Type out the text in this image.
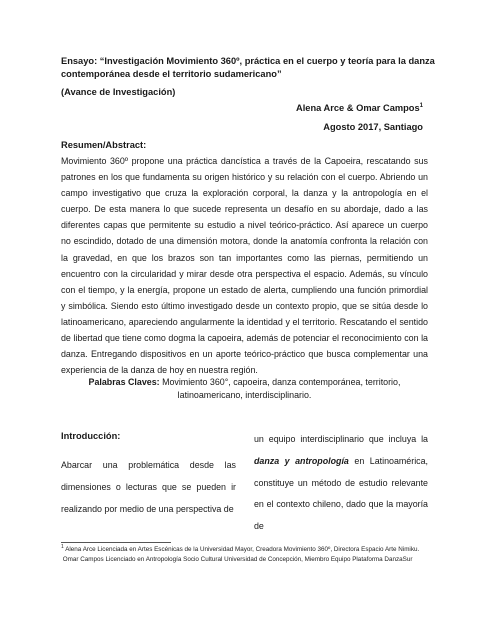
Ensayo: “Investigación Movimiento 360º, práctica en el cuerpo y teoría para la danza contemporánea desde el territorio sudamericano”
(Avance de Investigación)
Alena Arce & Omar Campos$^1$
Agosto 2017, Santiago
Resumen/Abstract:
Movimiento 360º propone una práctica dancística a través de la Capoeira, rescatando sus patrones en los que fundamenta su origen histórico y su relación con el cuerpo. Abriendo un campo investigativo que cruza la exploración corporal, la danza y la antropología en el cuerpo. De esta manera lo que sucede representa un desafío en su abordaje, dado a las diferentes capas que permitente su estudio a nivel teórico-práctico. Así aparece un cuerpo no escindido, dotado de una dimensión motora, donde la anatomía confronta la relación con la gravedad, en que los brazos son tan importantes como las piernas, permitiendo un encuentro con la circularidad y mirar desde otra perspectiva el espacio. Además, su vínculo con el tiempo, y la energía, propone un estado de alerta, cumpliendo una función primordial y simbólica. Siendo esto último investigado desde un contexto propio, que se sitúa desde lo latinoamericano, apareciendo angularmente la identidad y el territorio. Rescatando el sentido de libertad que tiene como dogma la capoeira, además de potenciar el reconocimiento con la danza. Entregando dispositivos en un aporte teórico-práctico que busca complementar una experiencia de la danza de hoy en nuestra región.
Palabras Claves: Movimiento 360°, capoeira, danza contemporánea, territorio, latinoamericano, interdisciplinario.
Introducción:
Abarcar una problemática desde las dimensiones o lecturas que se pueden ir realizando por medio de una perspectiva de
un equipo interdisciplinario que incluya la danza y antropología en Latinoamérica, constituye un método de estudio relevante en el contexto chileno, dado que la mayoría de
$^1$ Alena Arce Licenciada en Artes Escénicas de la Universidad Mayor, Creadora Movimiento 360º, Directora Espacio Arte Nimiku.
Omar Campos Licenciado en Antropología Socio Cultural Universidad de Concepción, Miembro Equipo Plataforma DanzaSur
